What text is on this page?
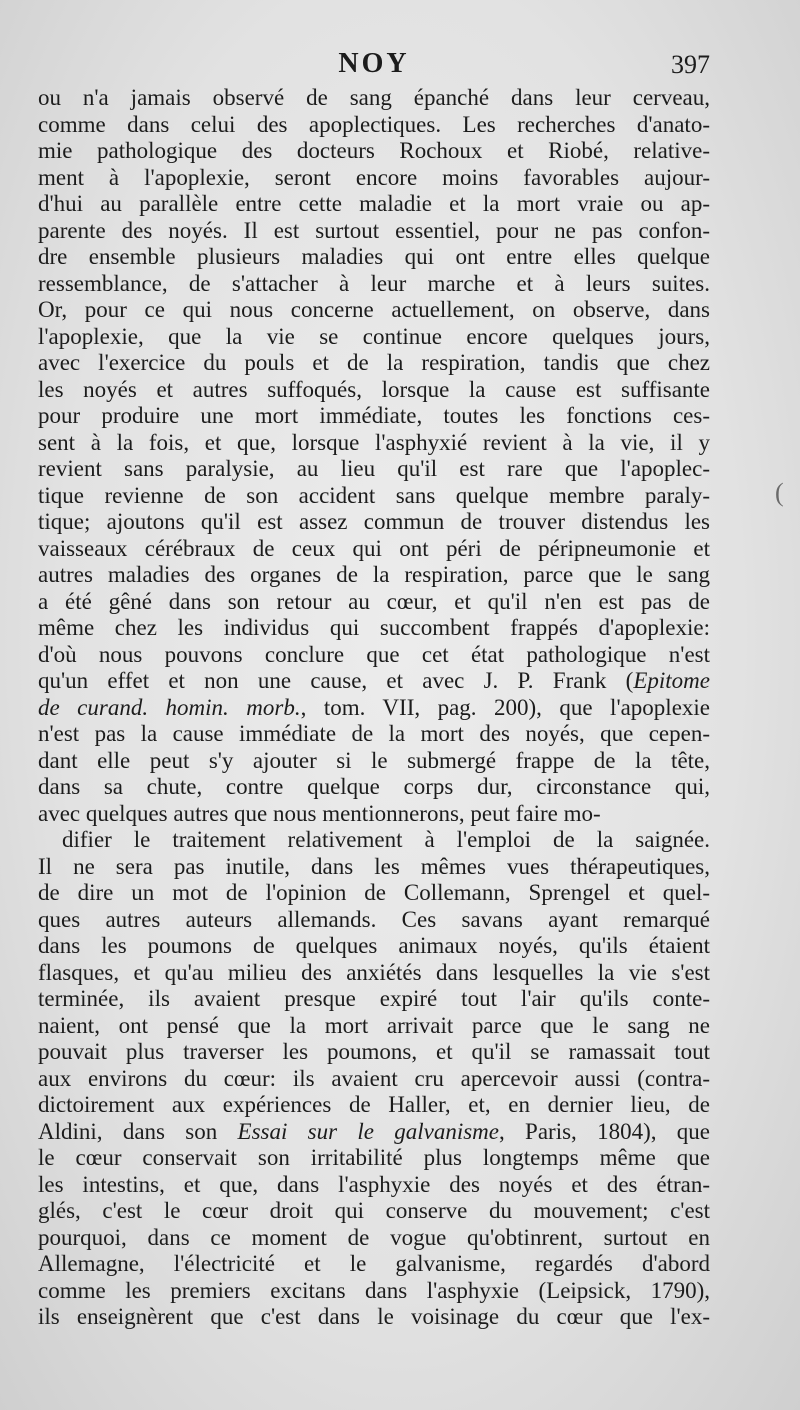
NOY	397
ou n'a jamais observé de sang épanché dans leur cerveau,
comme dans celui des apoplectiques. Les recherches d'anato-
mie pathologique des docteurs Rochoux et Riobé, relative-
ment à l'apoplexie, seront encore moins favorables aujour-
d'hui au parallèle entre cette maladie et la mort vraie ou ap-
parente des noyés. Il est surtout essentiel, pour ne pas confon-
dre ensemble plusieurs maladies qui ont entre elles quelque
ressemblance, de s'attacher à leur marche et à leurs suites.
Or, pour ce qui nous concerne actuellement, on observe, dans
l'apoplexie, que la vie se continue encore quelques jours,
avec l'exercice du pouls et de la respiration, tandis que chez
les noyés et autres suffoqués, lorsque la cause est suffisante
pour produire une mort immédiate, toutes les fonctions ces-
sent à la fois, et que, lorsque l'asphyxié revient à la vie, il y
revient sans paralysie, au lieu qu'il est rare que l'apoplec-
tique revienne de son accident sans quelque membre paraly-
tique; ajoutons qu'il est assez commun de trouver distendus les
vaisseaux cérébraux de ceux qui ont péri de péripneumonie et
autres maladies des organes de la respiration, parce que le sang
a été gêné dans son retour au cœur, et qu'il n'en est pas de
même chez les individus qui succombent frappés d'apoplexie:
d'où nous pouvons conclure que cet état pathologique n'est
qu'un effet et non une cause, et avec J. P. Frank (Epitome
de curand. homin. morb., tom. VII, pag. 200), que l'apoplexie
n'est pas la cause immédiate de la mort des noyés, que cepen-
dant elle peut s'y ajouter si le submergé frappe de la tête,
dans sa chute, contre quelque corps dur, circonstance qui,
avec quelques autres que nous mentionnerons, peut faire mo-
difier le traitement relativement à l'emploi de la saignée.
Il ne sera pas inutile, dans les mêmes vues thérapeutiques,
de dire un mot de l'opinion de Collemann, Sprengel et quel-
ques autres auteurs allemands. Ces savans ayant remarqué
dans les poumons de quelques animaux noyés, qu'ils étaient
flasques, et qu'au milieu des anxiétés dans lesquelles la vie s'est
terminée, ils avaient presque expiré tout l'air qu'ils conte-
naient, ont pensé que la mort arrivait parce que le sang ne
pouvait plus traverser les poumons, et qu'il se ramassait tout
aux environs du cœur: ils avaient cru apercevoir aussi (contra-
dictoirement aux expériences de Haller, et, en dernier lieu, de
Aldini, dans son Essai sur le galvanisme, Paris, 1804), que
le cœur conservait son irritabilité plus longtemps même que
les intestins, et que, dans l'asphyxie des noyés et des étran-
glés, c'est le cœur droit qui conserve du mouvement; c'est
pourquoi, dans ce moment de vogue qu'obtinrent, surtout en
Allemagne, l'électricité et le galvanisme, regardés d'abord
comme les premiers excitans dans l'asphyxie (Leipsick, 1790),
ils enseignèrent que c'est dans le voisinage du cœur que l'ex-
(
